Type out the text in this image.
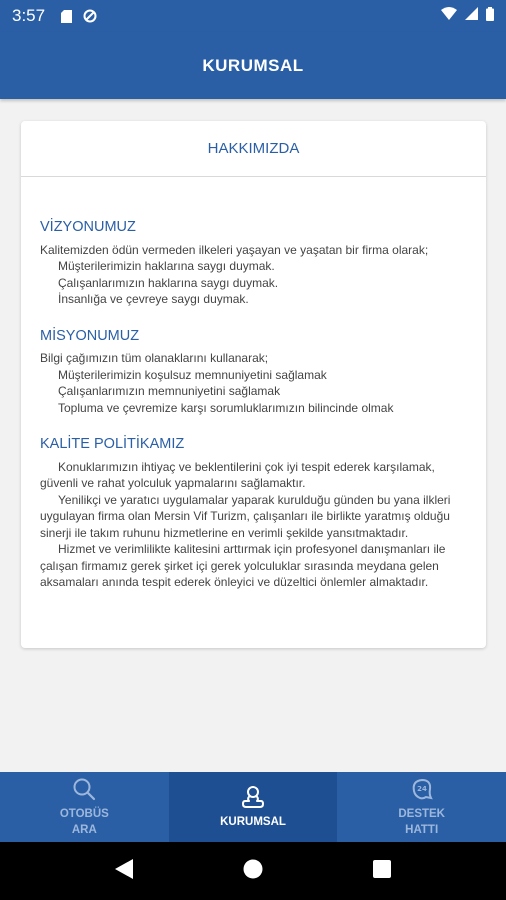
3:57
KURUMSAL
HAKKIMIZDA
VİZYONUMUZ
Kalitemizden ödün vermeden ilkeleri yaşayan ve yaşatan bir firma olarak;
Müşterilerimizin haklarına saygı duymak.
Çalışanlarımızın haklarına saygı duymak.
İnsanlığa ve çevreye saygı duymak.
MİSYONUMUZ
Bilgi çağımızın tüm olanaklarını kullanarak;
Müşterilerimizin koşulsuz memnuniyetini sağlamak
Çalışanlarımızın memnuniyetini sağlamak
Topluma ve çevremize karşı sorumluklarımızın bilincinde olmak
KALİTE POLİTİKAMIZ
Konuklarımızın ihtiyaç ve beklentilerini çok iyi tespit ederek karşılamak, güvenli ve rahat yolculuk yapmalarını sağlamaktır.
Yenilikçi ve yaratıcı uygulamalar yaparak kurulduğu günden bu yana ilkleri uygulayan firma olan Mersin Vif Turizm, çalışanları ile birlikte yaratmış olduğu sinerji ile takım ruhunu hizmetlerine en verimli şekilde yansıtmaktadır.
Hizmet ve verimlilikte kalitesini arttırmak için profesyonel danışmanları ile çalışan firmamız gerek şirket içi gerek yolculuklar sırasında meydana gelen aksamaları anında tespit ederek önleyici ve düzeltici önlemler almaktadır.
OTOBÜS
ARA
KURUMSAL
24
DESTEK
HATTI
